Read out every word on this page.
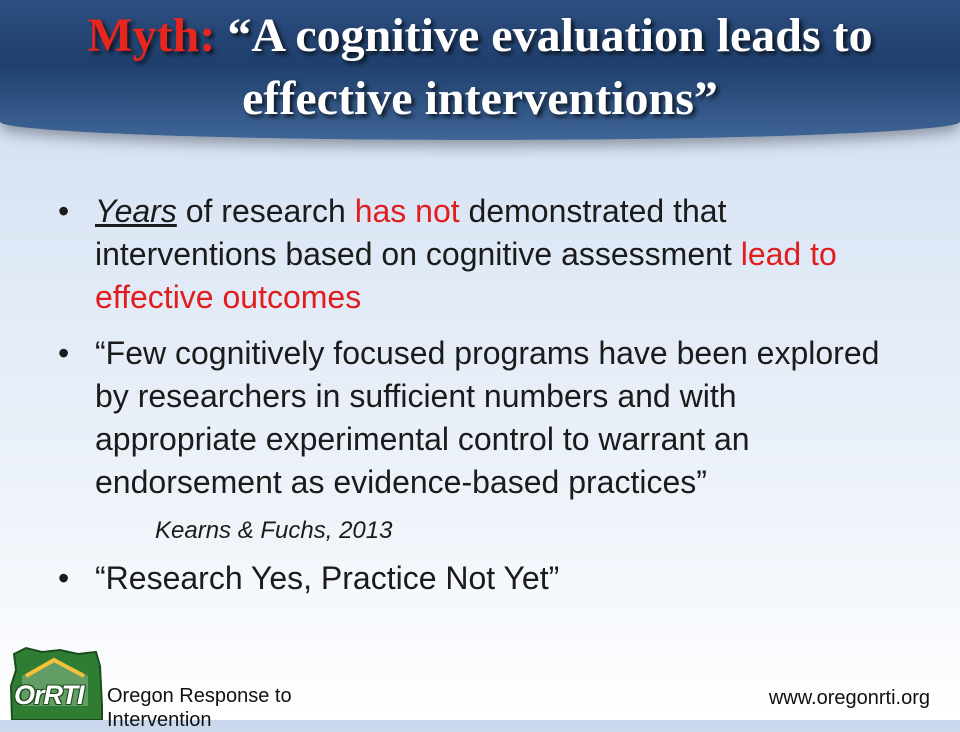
Myth: “A cognitive evaluation leads to effective interventions”
• Years of research has not demonstrated that interventions based on cognitive assessment lead to effective outcomes
• “Few cognitively focused programs have been explored by researchers in sufficient numbers and with appropriate experimental control to warrant an endorsement as evidence-based practices”
Kearns & Fuchs, 2013
• “Research Yes, Practice Not Yet”
OrRTI	Oregon Response to
Intervention
www.oregonrti.org
